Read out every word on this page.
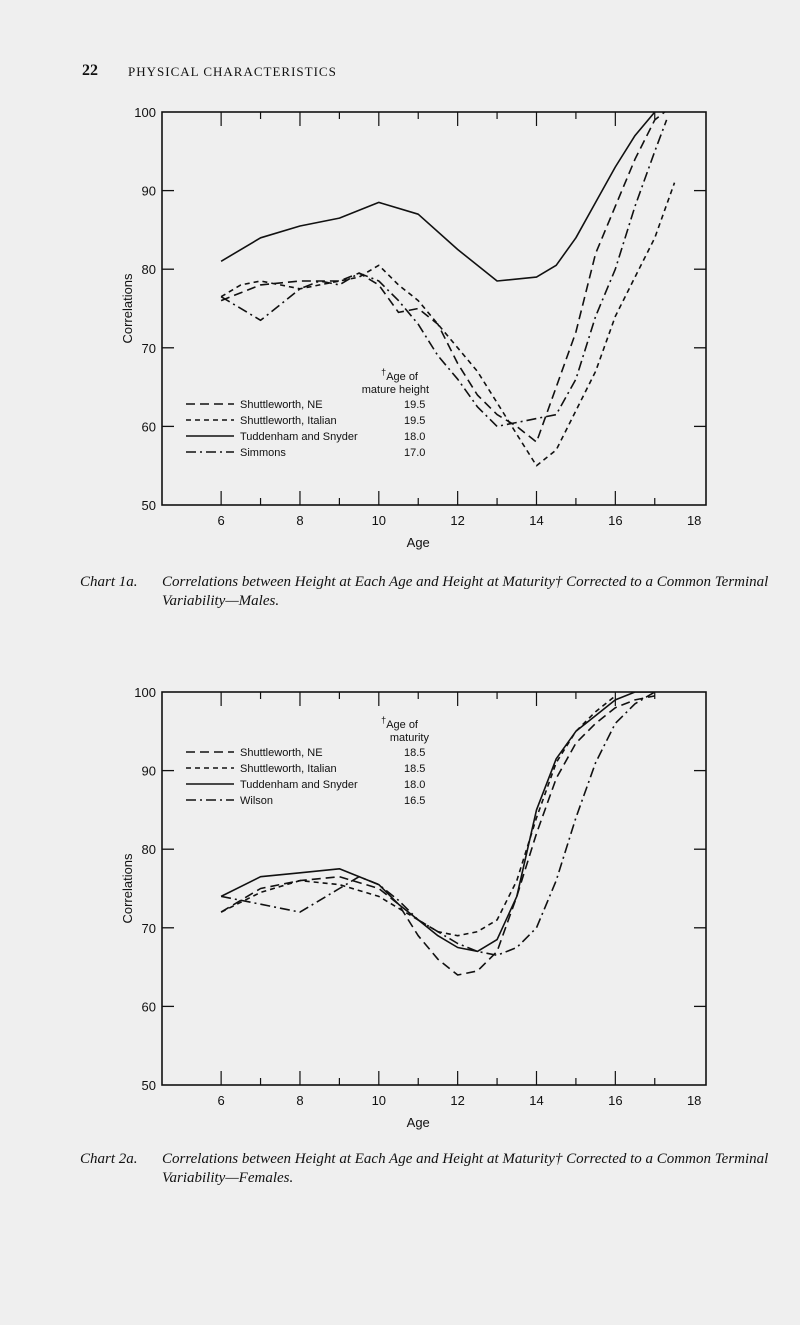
22 PHYSICAL CHARACTERISTICS
50
60
70
80
90
100
6	8	10	12	14	16	18
Age
Correlations
†Age of
mature height
Shuttleworth, NE	19.5
Shuttleworth, Italian	19.5
Tuddenham and Snyder	18.0
Simmons	17.0
Chart 1a. Correlations between Height at Each Age and Height at Maturity† Corrected to a Common Terminal Variability—Males.
50
60
70
80
90
100
6	8	10	12	14	16	18
Age
Correlations
†Age of
maturity
Shuttleworth, NE	18.5
Shuttleworth, Italian	18.5
Tuddenham and Snyder	18.0
Wilson	16.5
Chart 2a. Correlations between Height at Each Age and Height at Maturity† Corrected to a Common Terminal Variability—Females.
